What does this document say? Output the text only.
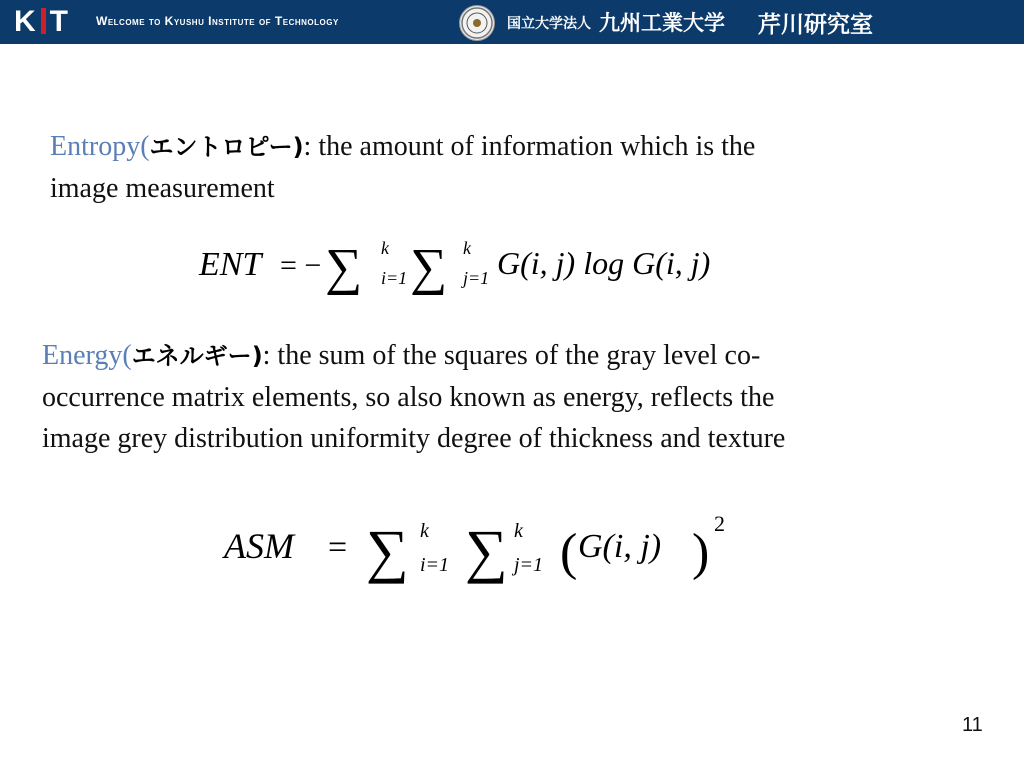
K T Welcome to Kyushu Institute of Technology	国立大学法人 九州工業大学 芹川研究室
Entropy(エントロピー): the amount of information which is the
image measurement
ENT = − ∑ k
i=1 ∑ k
j=1 G(i, j) log G(i, j)
Energy(エネルギー): the sum of the squares of the gray level co-
occurrence matrix elements, so also known as energy, reflects the
image grey distribution uniformity degree of thickness and texture
ASM = ∑ k
i=1 ∑ k
j=1 ( G(i, j) )
2
11
